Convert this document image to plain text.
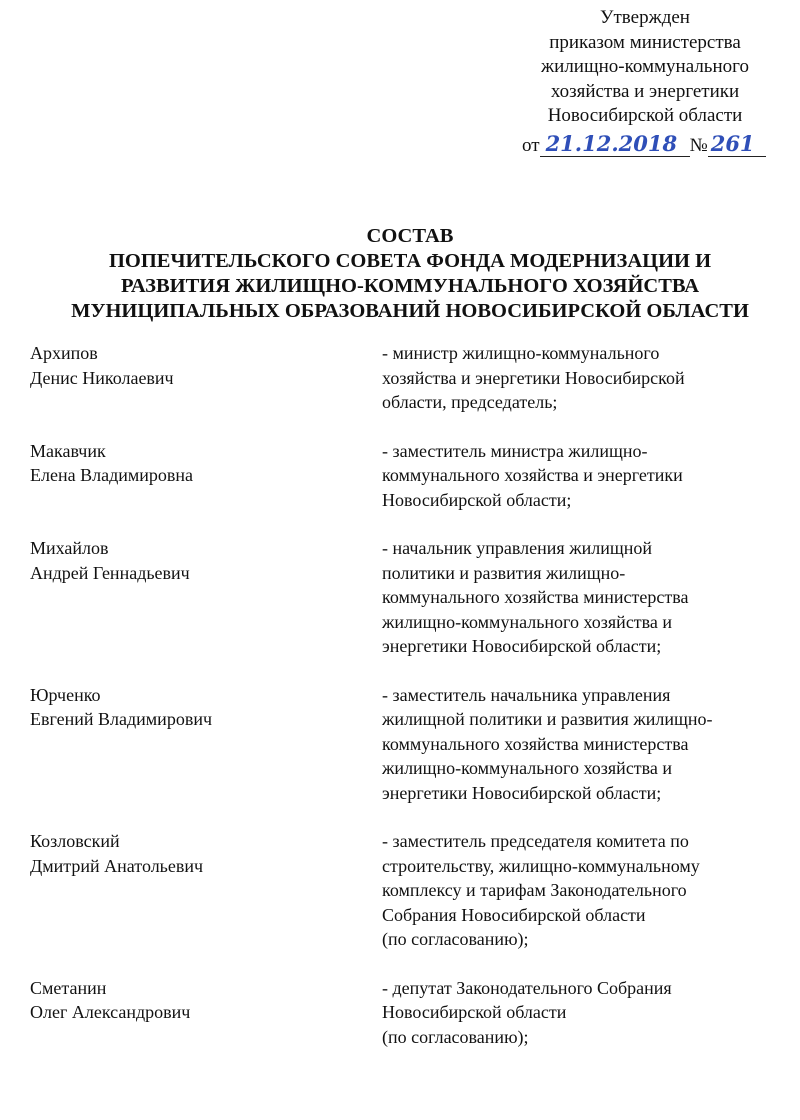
Утвержден
приказом министерства
жилищно-коммунального
хозяйства и энергетики
Новосибирской области
от 21.12.2018 № 261
СОСТАВ
ПОПЕЧИТЕЛЬСКОГО СОВЕТА ФОНДА МОДЕРНИЗАЦИИ И
РАЗВИТИЯ ЖИЛИЩНО-КОММУНАЛЬНОГО ХОЗЯЙСТВА
МУНИЦИПАЛЬНЫХ ОБРАЗОВАНИЙ НОВОСИБИРСКОЙ ОБЛАСТИ
Архипов
Денис Николаевич
- министр жилищно-коммунального
хозяйства и энергетики Новосибирской
области, председатель;
Макавчик
Елена Владимировна
- заместитель министра жилищно-
коммунального хозяйства и энергетики
Новосибирской области;
Михайлов
Андрей Геннадьевич
- начальник управления жилищной
политики и развития жилищно-
коммунального хозяйства министерства
жилищно-коммунального хозяйства и
энергетики Новосибирской области;
Юрченко
Евгений Владимирович
- заместитель начальника управления
жилищной политики и развития жилищно-
коммунального хозяйства министерства
жилищно-коммунального хозяйства и
энергетики Новосибирской области;
Козловский
Дмитрий Анатольевич
- заместитель председателя комитета по
строительству, жилищно-коммунальному
комплексу и тарифам Законодательного
Собрания Новосибирской области
(по согласованию);
Сметанин
Олег Александрович
- депутат Законодательного Собрания
Новосибирской области
(по согласованию);
